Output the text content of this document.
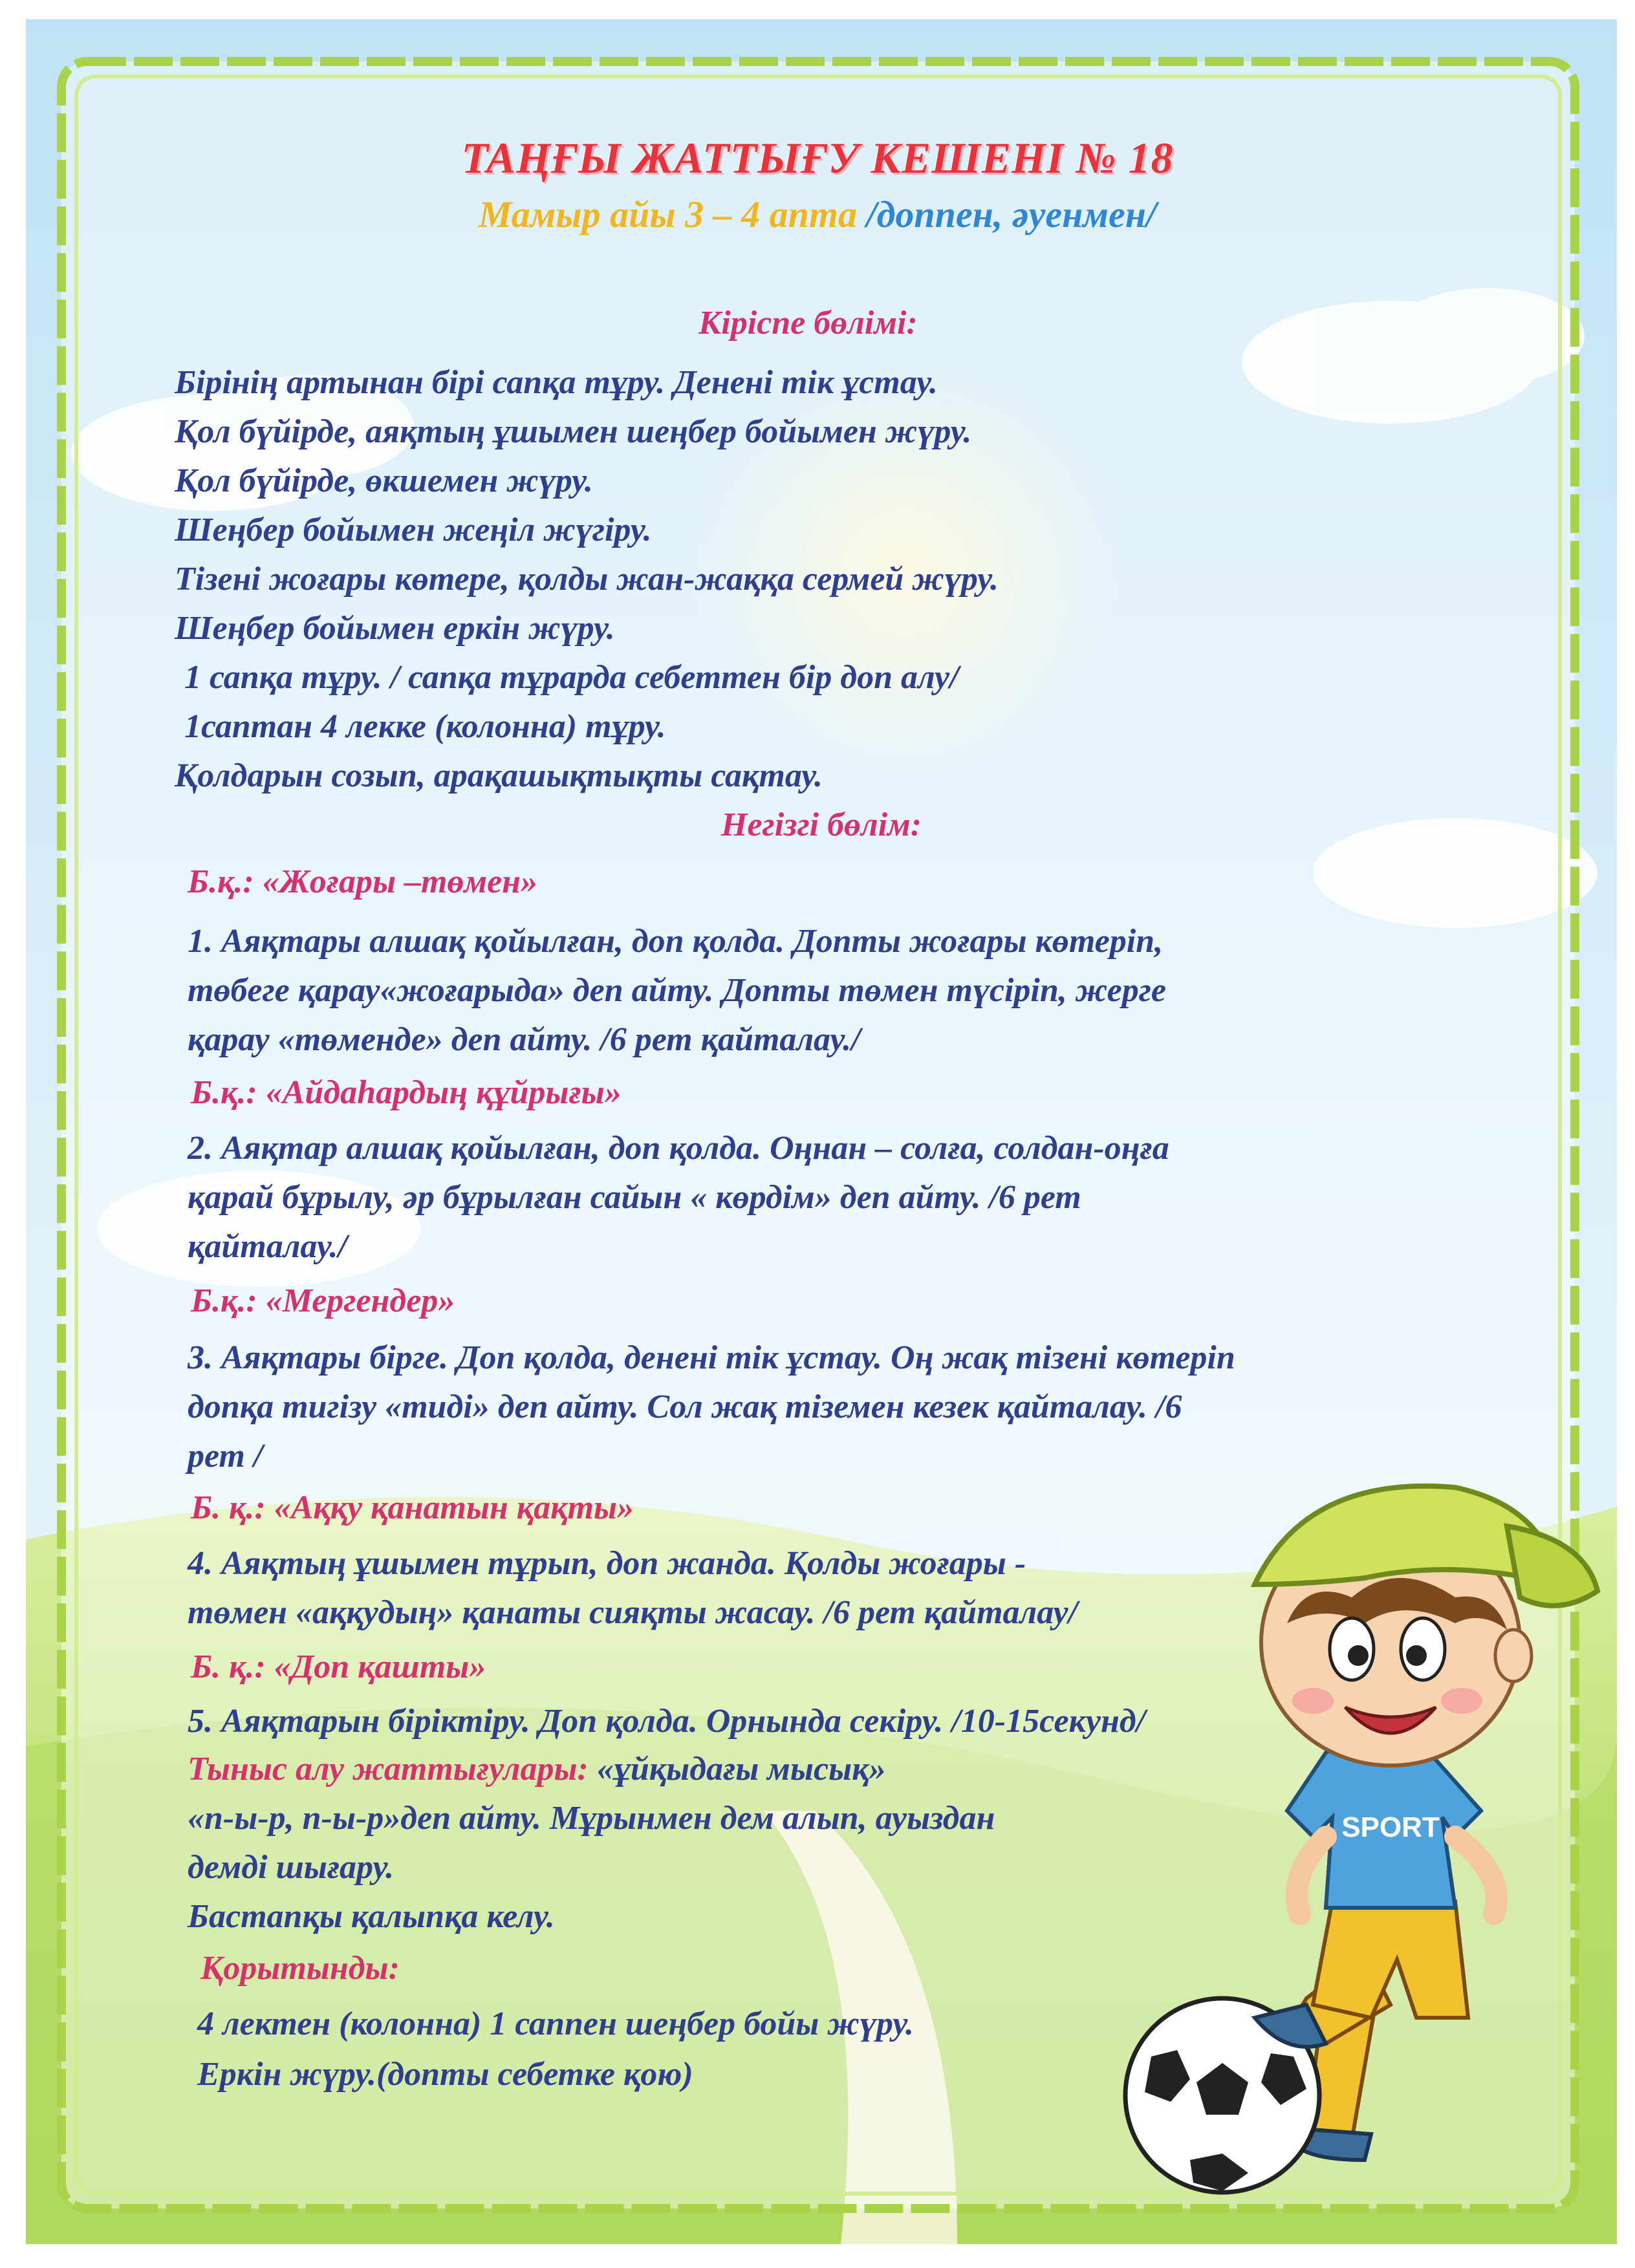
SPORT
ТАҢҒЫ ЖАТТЫҒУ КЕШЕНІ № 18
Мамыр айы 3 – 4 апта /доппен, әуенмен/
Кіріспе бөлімі:
Бірінің артынан бірі сапқа тұру. Денені тік ұстау.
Қол бүйірде, аяқтың ұшымен шеңбер бойымен жүру.
Қол бүйірде, өкшемен жүру.
Шеңбер бойымен жеңіл жүгіру.
Тізені жоғары көтере, қолды жан-жаққа сермей жүру.
Шеңбер бойымен еркін жүру.
1 сапқа тұру. / сапқа тұрарда себеттен бір доп алу/
1саптан 4 лекке (колонна) тұру.
Қолдарын созып, арақашықтықты сақтау.
Негізгі бөлім:
Б.қ.: «Жоғары –төмен»
1. Аяқтары алшақ қойылған, доп қолда. Допты жоғары көтеріп,
төбеге қарау«жоғарыда» деп айту. Допты төмен түсіріп, жерге
қарау «төменде» деп айту. /6 рет қайталау./
Б.қ.: «Айдаһардың құйрығы»
2. Аяқтар алшақ қойылған, доп қолда. Оңнан – солға, солдан-оңға
қарай бұрылу, әр бұрылған сайын « көрдім» деп айту. /6 рет
қайталау./
Б.қ.: «Мергендер»
3. Аяқтары бірге. Доп қолда, денені тік ұстау. Оң жақ тізені көтеріп
допқа тигізу «тиді» деп айту. Сол жақ тіземен кезек қайталау. /6
рет /
Б. қ.: «Аққу қанатын қақты»
4. Аяқтың ұшымен тұрып, доп жанда. Қолды жоғары -
төмен «аққудың» қанаты сияқты жасау. /6 рет қайталау/
Б. қ.: «Доп қашты»
5. Аяқтарын біріктіру. Доп қолда. Орнында секіру. /10-15секунд/
Тыныс алу жаттығулары: «ұйқыдағы мысық»
«п-ы-р, п-ы-р»деп айту. Мұрынмен дем алып, ауыздан
демді шығару.
Бастапқы қалыпқа келу.
Қорытынды:
4 лектен (колонна) 1 саппен шеңбер бойы жүру.
Еркін жүру.(допты себетке қою)
